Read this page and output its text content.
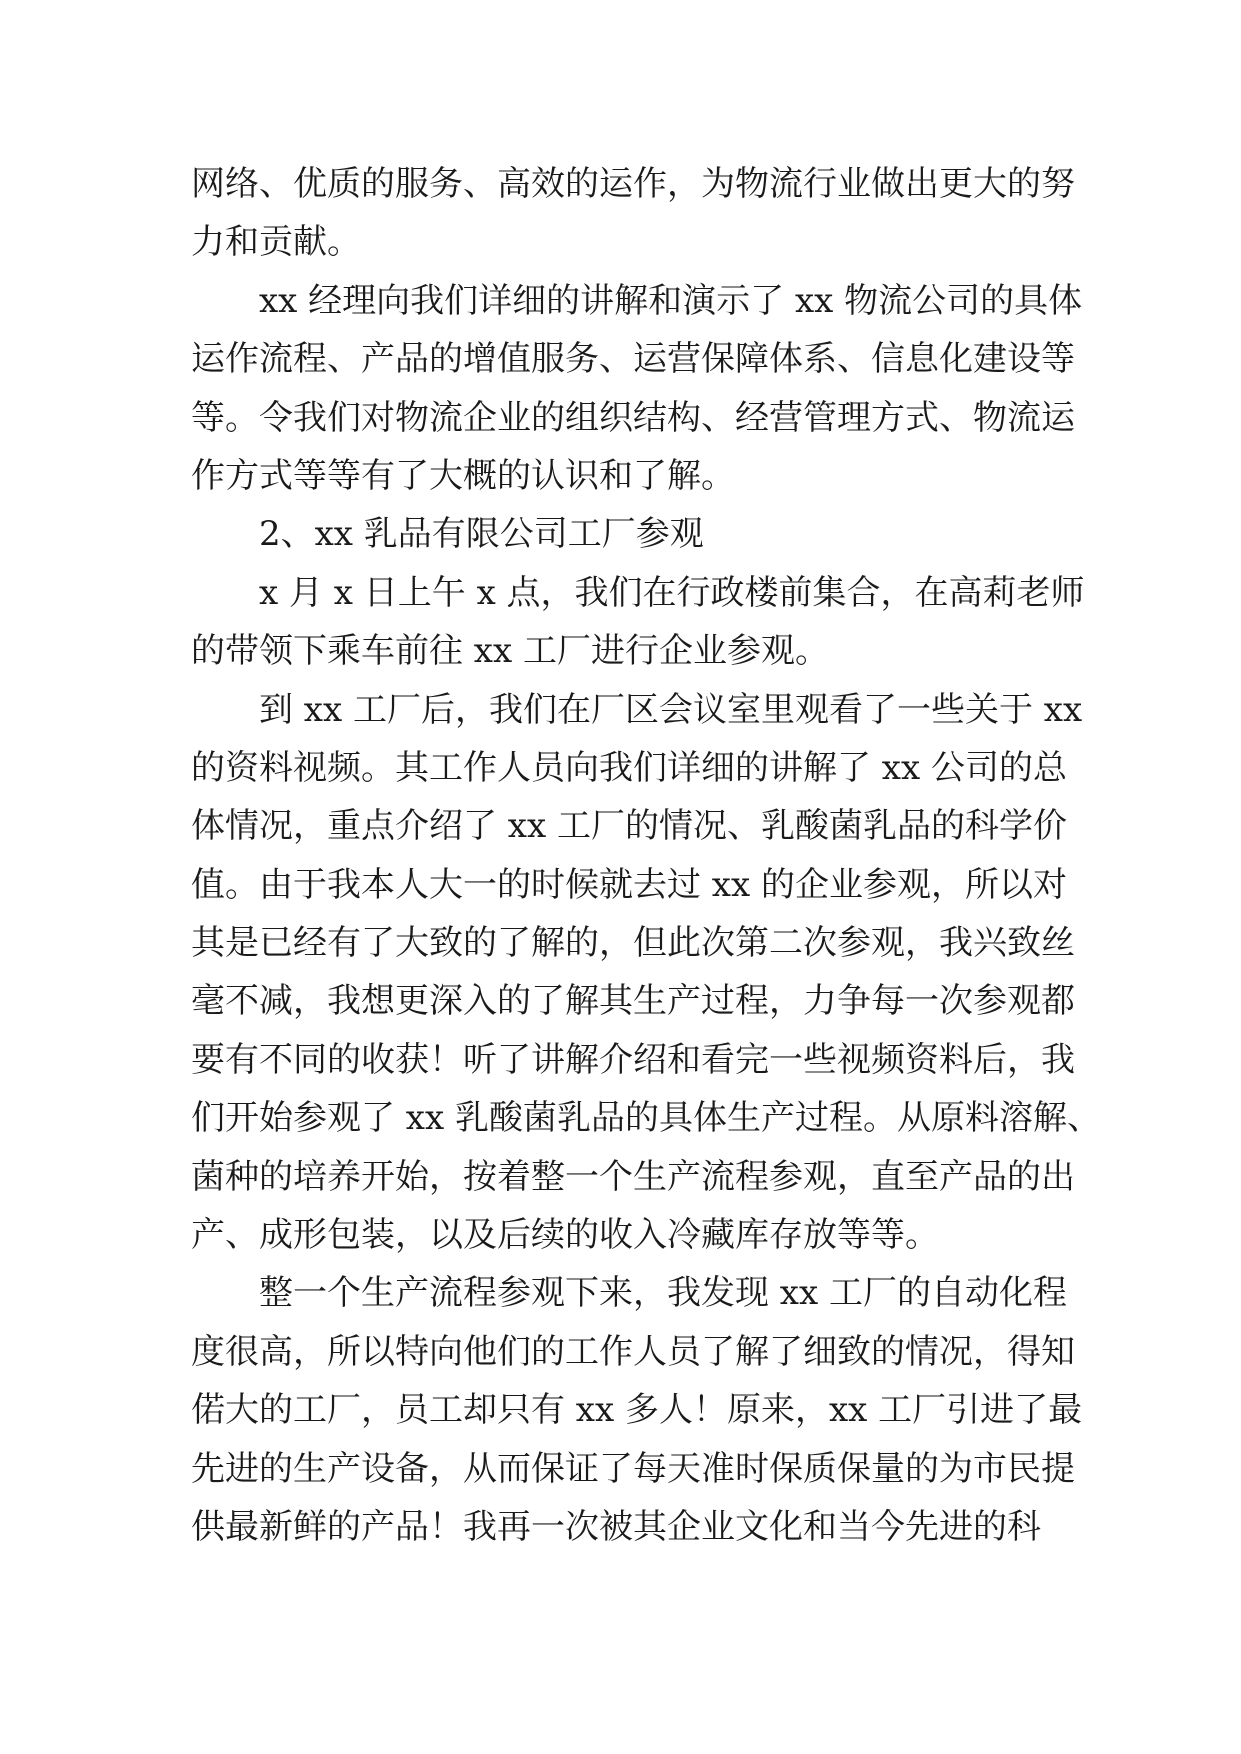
网络、优质的服务、高效的运作，为物流行业做出更大的努
力和贡献。
xx 经理向我们详细的讲解和演示了 xx 物流公司的具体
运作流程、产品的增值服务、运营保障体系、信息化建设等
等。令我们对物流企业的组织结构、经营管理方式、物流运
作方式等等有了大概的认识和了解。
2、xx 乳品有限公司工厂参观
x 月 x 日上午 x 点，我们在行政楼前集合，在高莉老师
的带领下乘车前往 xx 工厂进行企业参观。
到 xx 工厂后，我们在厂区会议室里观看了一些关于 xx
的资料视频。其工作人员向我们详细的讲解了 xx 公司的总
体情况，重点介绍了 xx 工厂的情况、乳酸菌乳品的科学价
值。由于我本人大一的时候就去过 xx 的企业参观，所以对
其是已经有了大致的了解的，但此次第二次参观，我兴致丝
毫不减，我想更深入的了解其生产过程，力争每一次参观都
要有不同的收获！听了讲解介绍和看完一些视频资料后，我
们开始参观了 xx 乳酸菌乳品的具体生产过程。从原料溶解、
菌种的培养开始，按着整一个生产流程参观，直至产品的出
产、成形包装，以及后续的收入冷藏库存放等等。
整一个生产流程参观下来，我发现 xx 工厂的自动化程
度很高，所以特向他们的工作人员了解了细致的情况，得知
偌大的工厂，员工却只有 xx 多人！原来，xx 工厂引进了最
先进的生产设备，从而保证了每天准时保质保量的为市民提
供最新鲜的产品！我再一次被其企业文化和当今先进的科
